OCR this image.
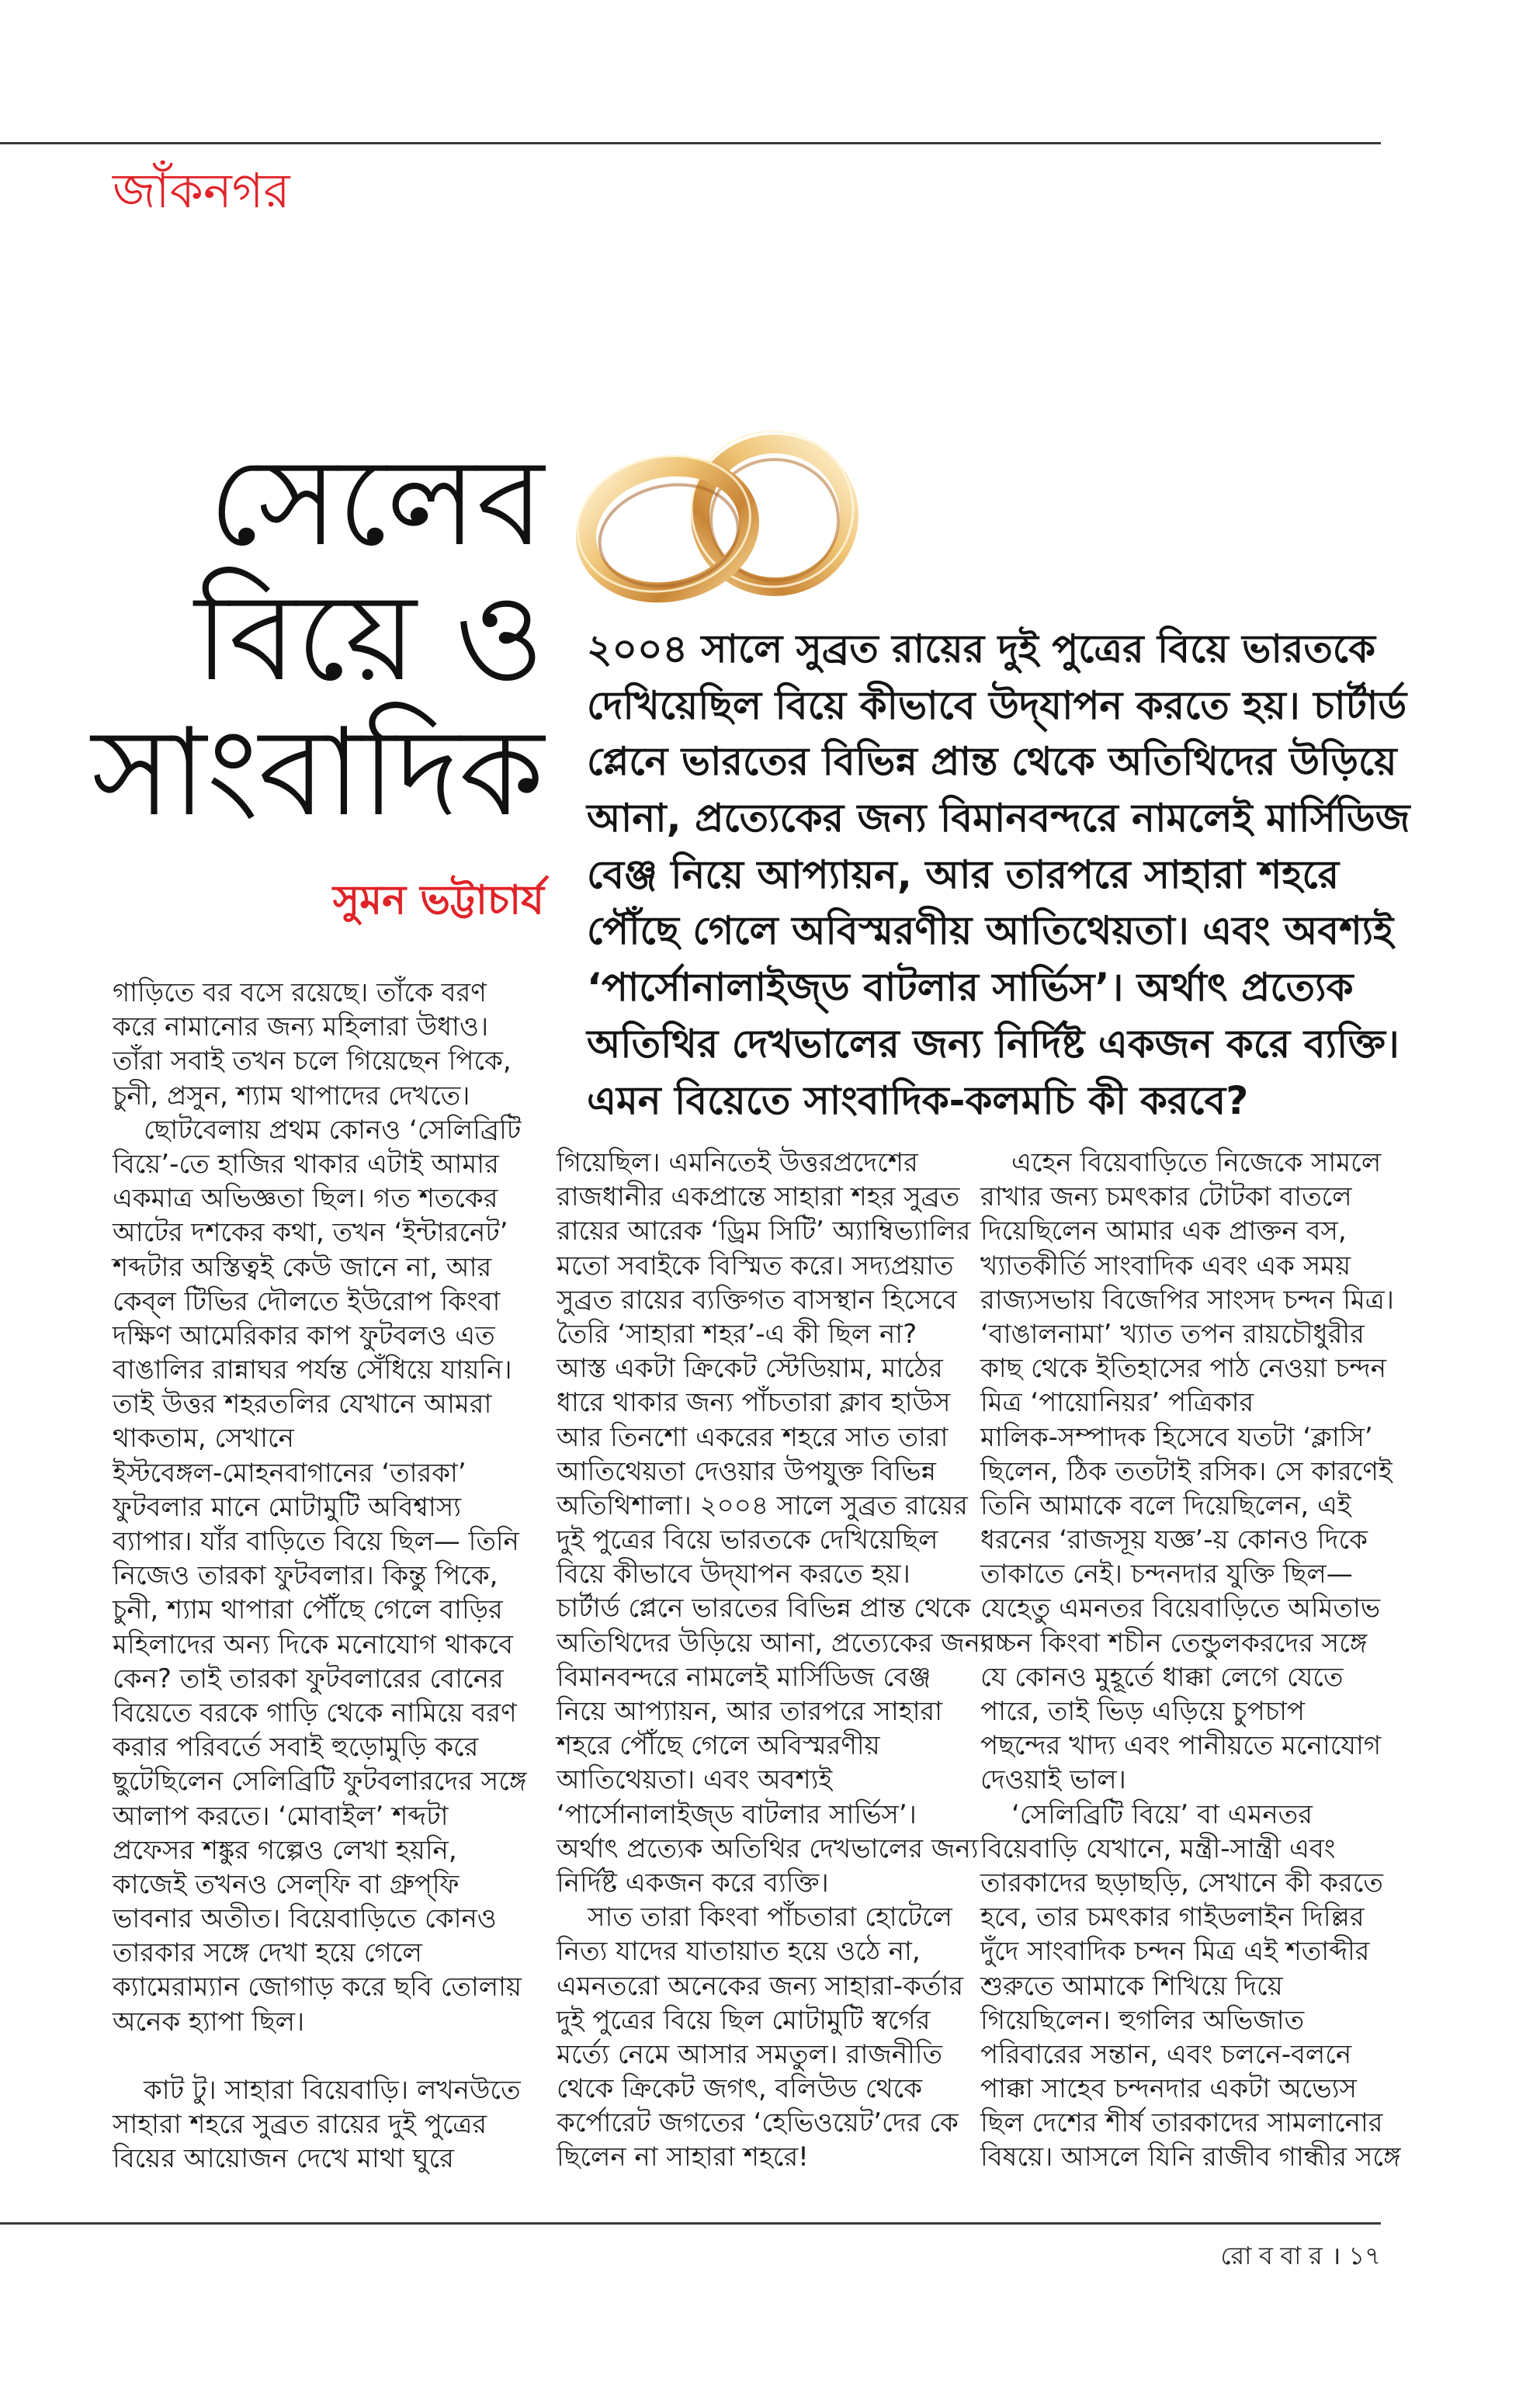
জাঁকনগর
সেলেব
বিয়ে ও
সাংবাদিক
সুমন ভট্টাচার্য
২০০৪ সালে সুব্রত রায়ের দুই পুত্রের বিয়ে ভারতকে
দেখিয়েছিল বিয়ে কীভাবে উদ্‌যাপন করতে হয়। চার্টার্ড
প্লেনে ভারতের বিভিন্ন প্রান্ত থেকে অতিথিদের উড়িয়ে
আনা, প্রত্যেকের জন্য বিমানবন্দরে নামলেই মার্সিডিজ
বেঞ্জ নিয়ে আপ্যায়ন, আর তারপরে সাহারা শহরে
পৌঁছে গেলে অবিস্মরণীয় আতিথেয়তা। এবং অবশ্যই
‘পার্সোনালাইজ্‌ড বাটলার সার্ভিস’। অর্থাৎ প্রত্যেক
অতিথির দেখভালের জন্য নির্দিষ্ট একজন করে ব্যক্তি।
এমন বিয়েতে সাংবাদিক-কলমচি কী করবে?
গাড়িতে বর বসে রয়েছে। তাঁকে বরণ
করে নামানোর জন্য মহিলারা উধাও।
তাঁরা সবাই তখন চলে গিয়েছেন পিকে,
চুনী, প্রসুন, শ্যাম থাপাদের দেখতে।
ছোটবেলায় প্রথম কোনও ‘সেলিব্রিটি
বিয়ে’-তে হাজির থাকার এটাই আমার
একমাত্র অভিজ্ঞতা ছিল। গত শতকের
আটের দশকের কথা, তখন ‘ইন্টারনেট’
শব্দটার অস্তিত্বই কেউ জানে না, আর
কেব্‌ল টিভির দৌলতে ইউরোপ কিংবা
দক্ষিণ আমেরিকার কাপ ফুটবলও এত
বাঙালির রান্নাঘর পর্যন্ত সেঁধিয়ে যায়নি।
তাই উত্তর শহরতলির যেখানে আমরা
থাকতাম, সেখানে
ইস্টবেঙ্গল-মোহনবাগানের ‘তারকা’
ফুটবলার মানে মোটামুটি অবিশ্বাস্য
ব্যাপার। যাঁর বাড়িতে বিয়ে ছিল— তিনি
নিজেও তারকা ফুটবলার। কিন্তু পিকে,
চুনী, শ্যাম থাপারা পৌঁছে গেলে বাড়ির
মহিলাদের অন্য দিকে মনোযোগ থাকবে
কেন? তাই তারকা ফুটবলারের বোনের
বিয়েতে বরকে গাড়ি থেকে নামিয়ে বরণ
করার পরিবর্তে সবাই হুড়োমুড়ি করে
ছুটেছিলেন সেলিব্রিটি ফুটবলারদের সঙ্গে
আলাপ করতে। ‘মোবাইল’ শব্দটা
প্রফেসর শঙ্কুর গল্পেও লেখা হয়নি,
কাজেই তখনও সেল্‌ফি বা গ্রুপ্‌ফি
ভাবনার অতীত। বিয়েবাড়িতে কোনও
তারকার সঙ্গে দেখা হয়ে গেলে
ক্যামেরাম্যান জোগাড় করে ছবি তোলায়
অনেক হ্যাপা ছিল।
কাট টু। সাহারা বিয়েবাড়ি। লখনউতে
সাহারা শহরে সুব্রত রায়ের দুই পুত্রের
বিয়ের আয়োজন দেখে মাথা ঘুরে
গিয়েছিল। এমনিতেই উত্তরপ্রদেশের
রাজধানীর একপ্রান্তে সাহারা শহর সুব্রত
রায়ের আরেক ‘ড্রিম সিটি’ অ্যাম্বিভ্যালির
মতো সবাইকে বিস্মিত করে। সদ্যপ্রয়াত
সুব্রত রায়ের ব্যক্তিগত বাসস্থান হিসেবে
তৈরি ‘সাহারা শহর’-এ কী ছিল না?
আস্ত একটা ক্রিকেট স্টেডিয়াম, মাঠের
ধারে থাকার জন্য পাঁচতারা ক্লাব হাউস
আর তিনশো একরের শহরে সাত তারা
আতিথেয়তা দেওয়ার উপযুক্ত বিভিন্ন
অতিথিশালা। ২০০৪ সালে সুব্রত রায়ের
দুই পুত্রের বিয়ে ভারতকে দেখিয়েছিল
বিয়ে কীভাবে উদ্‌যাপন করতে হয়।
চার্টার্ড প্লেনে ভারতের বিভিন্ন প্রান্ত থেকে
অতিথিদের উড়িয়ে আনা, প্রত্যেকের জন্য
বিমানবন্দরে নামলেই মার্সিডিজ বেঞ্জ
নিয়ে আপ্যায়ন, আর তারপরে সাহারা
শহরে পৌঁছে গেলে অবিস্মরণীয়
আতিথেয়তা। এবং অবশ্যই
‘পার্সোনালাইজ্‌ড বাটলার সার্ভিস’।
অর্থাৎ প্রত্যেক অতিথির দেখভালের জন্য
নির্দিষ্ট একজন করে ব্যক্তি।
সাত তারা কিংবা পাঁচতারা হোটেলে
নিত্য যাদের যাতায়াত হয়ে ওঠে না,
এমনতরো অনেকের জন্য সাহারা-কর্তার
দুই পুত্রের বিয়ে ছিল মোটামুটি স্বর্গের
মর্ত্যে নেমে আসার সমতুল। রাজনীতি
থেকে ক্রিকেট জগৎ, বলিউড থেকে
কর্পোরেট জগতের ‘হেভিওয়েট’দের কে
ছিলেন না সাহারা শহরে!
এহেন বিয়েবাড়িতে নিজেকে সামলে
রাখার জন্য চমৎকার টোটকা বাতলে
দিয়েছিলেন আমার এক প্রাক্তন বস,
খ্যাতকীর্তি সাংবাদিক এবং এক সময়
রাজ্যসভায় বিজেপির সাংসদ চন্দন মিত্র।
‘বাঙালনামা’ খ্যাত তপন রায়চৌধুরীর
কাছ থেকে ইতিহাসের পাঠ নেওয়া চন্দন
মিত্র ‘পায়োনিয়র’ পত্রিকার
মালিক-সম্পাদক হিসেবে যতটা ‘ক্লাসি’
ছিলেন, ঠিক ততটাই রসিক। সে কারণেই
তিনি আমাকে বলে দিয়েছিলেন, এই
ধরনের ‘রাজসূয় যজ্ঞ’-য় কোনও দিকে
তাকাতে নেই। চন্দনদার যুক্তি ছিল—
যেহেতু এমনতর বিয়েবাড়িতে অমিতাভ
বচ্চন কিংবা শচীন তেন্ডুলকরদের সঙ্গে
যে কোনও মুহূর্তে ধাক্কা লেগে যেতে
পারে, তাই ভিড় এড়িয়ে চুপচাপ
পছন্দের খাদ্য এবং পানীয়তে মনোযোগ
দেওয়াই ভাল।
‘সেলিব্রিটি বিয়ে’ বা এমনতর
বিয়েবাড়ি যেখানে, মন্ত্রী-সান্ত্রী এবং
তারকাদের ছড়াছড়ি, সেখানে কী করতে
হবে, তার চমৎকার গাইডলাইন দিল্লির
দুঁদে সাংবাদিক চন্দন মিত্র এই শতাব্দীর
শুরুতে আমাকে শিখিয়ে দিয়ে
গিয়েছিলেন। হুগলির অভিজাত
পরিবারের সন্তান, এবং চলনে-বলনে
পাক্কা সাহেব চন্দনদার একটা অভ্যেস
ছিল দেশের শীর্ষ তারকাদের সামলানোর
বিষয়ে। আসলে যিনি রাজীব গান্ধীর সঙ্গে
রোববার। ১৭
